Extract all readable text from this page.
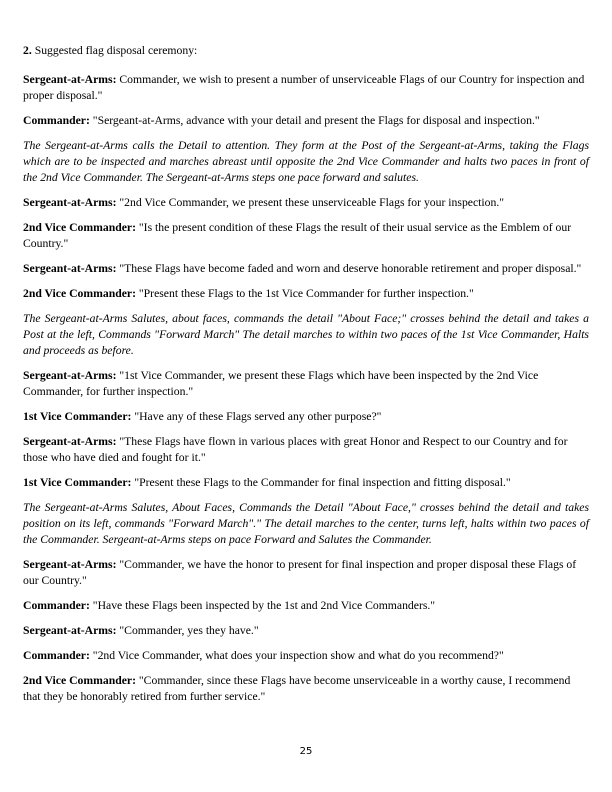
2. Suggested flag disposal ceremony:

Sergeant-at-Arms: Commander, we wish to present a number of unserviceable Flags of our Country for inspection and proper disposal."

Commander: "Sergeant-at-Arms, advance with your detail and present the Flags for disposal and inspection."

The Sergeant-at-Arms calls the Detail to attention. They form at the Post of the Sergeant-at-Arms, taking the Flags which are to be inspected and marches abreast until opposite the 2nd Vice Commander and halts two paces in front of the 2nd Vice Commander. The Sergeant-at-Arms steps one pace forward and salutes.

Sergeant-at-Arms: "2nd Vice Commander, we present these unserviceable Flags for your inspection."

2nd Vice Commander: "Is the present condition of these Flags the result of their usual service as the Emblem of our Country."

Sergeant-at-Arms: "These Flags have become faded and worn and deserve honorable retirement and proper disposal."

2nd Vice Commander: "Present these Flags to the 1st Vice Commander for further inspection."

The Sergeant-at-Arms Salutes, about faces, commands the detail "About Face;" crosses behind the detail and takes a Post at the left, Commands "Forward March" The detail marches to within two paces of the 1st Vice Commander, Halts and proceeds as before.

Sergeant-at-Arms: "1st Vice Commander, we present these Flags which have been inspected by the 2nd Vice Commander, for further inspection."

1st Vice Commander: "Have any of these Flags served any other purpose?"

Sergeant-at-Arms: "These Flags have flown in various places with great Honor and Respect to our Country and for those who have died and fought for it."

1st Vice Commander: "Present these Flags to the Commander for final inspection and fitting disposal."

The Sergeant-at-Arms Salutes, About Faces, Commands the Detail "About Face," crosses behind the detail and takes position on its left, commands "Forward March"." The detail marches to the center, turns left, halts within two paces of the Commander. Sergeant-at-Arms steps on pace Forward and Salutes the Commander.

Sergeant-at-Arms: "Commander, we have the honor to present for final inspection and proper disposal these Flags of our Country."

Commander: "Have these Flags been inspected by the 1st and 2nd Vice Commanders."

Sergeant-at-Arms: "Commander, yes they have."

Commander: "2nd Vice Commander, what does your inspection show and what do you recommend?"

2nd Vice Commander: "Commander, since these Flags have become unserviceable in a worthy cause, I recommend that they be honorably retired from further service."

25
